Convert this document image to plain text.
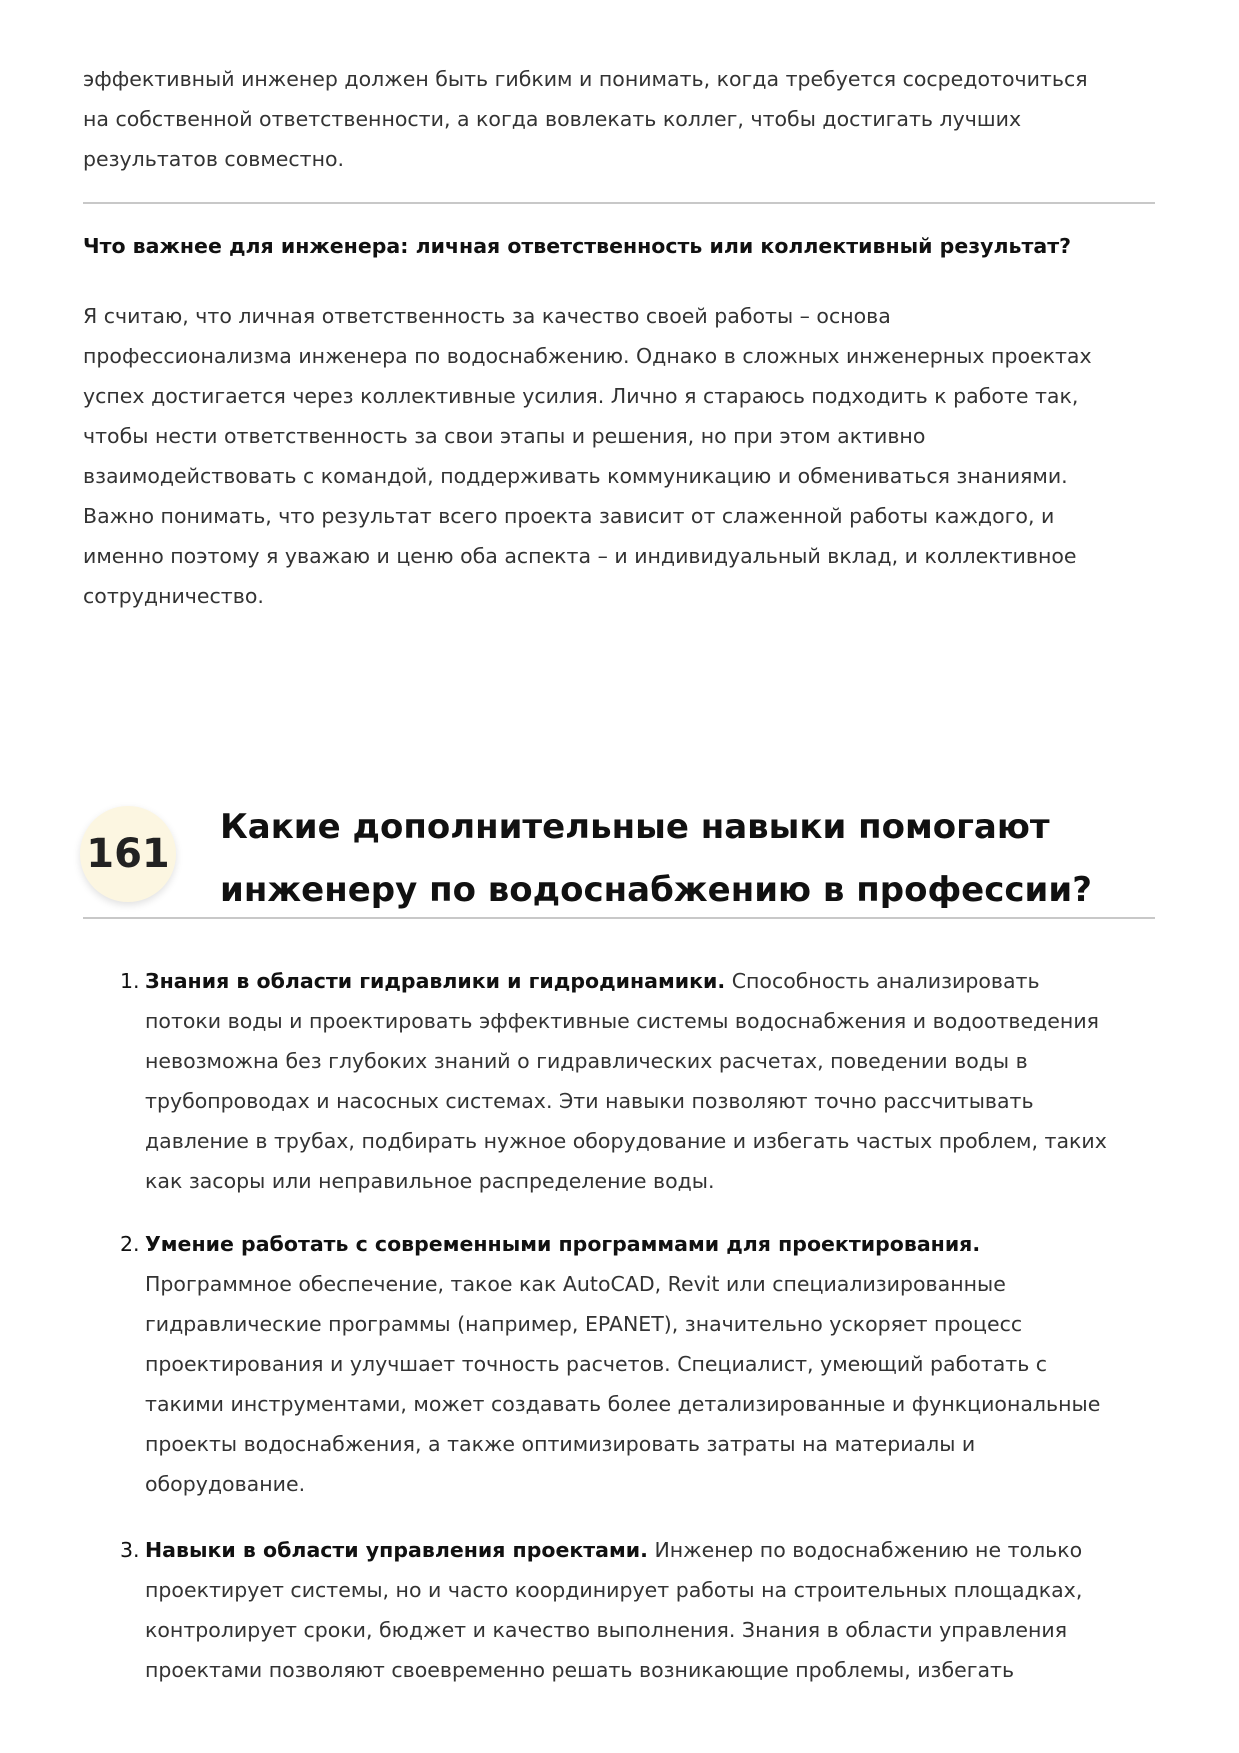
эффективный инженер должен быть гибким и понимать, когда требуется сосредоточиться
на собственной ответственности, а когда вовлекать коллег, чтобы достигать лучших
результатов совместно.
Что важнее для инженера: личная ответственность или коллективный результат?
Я считаю, что личная ответственность за качество своей работы – основа
профессионализма инженера по водоснабжению. Однако в сложных инженерных проектах
успех достигается через коллективные усилия. Лично я стараюсь подходить к работе так,
чтобы нести ответственность за свои этапы и решения, но при этом активно
взаимодействовать с командой, поддерживать коммуникацию и обмениваться знаниями.
Важно понимать, что результат всего проекта зависит от слаженной работы каждого, и
именно поэтому я уважаю и ценю оба аспекта – и индивидуальный вклад, и коллективное
сотрудничество.
161
Какие дополнительные навыки помогают
инженеру по водоснабжению в профессии?
1. Знания в области гидравлики и гидродинамики. Способность анализировать
потоки воды и проектировать эффективные системы водоснабжения и водоотведения
невозможна без глубоких знаний о гидравлических расчетах, поведении воды в
трубопроводах и насосных системах. Эти навыки позволяют точно рассчитывать
давление в трубах, подбирать нужное оборудование и избегать частых проблем, таких
как засоры или неправильное распределение воды.
2. Умение работать с современными программами для проектирования.
Программное обеспечение, такое как AutoCAD, Revit или специализированные
гидравлические программы (например, EPANET), значительно ускоряет процесс
проектирования и улучшает точность расчетов. Специалист, умеющий работать с
такими инструментами, может создавать более детализированные и функциональные
проекты водоснабжения, а также оптимизировать затраты на материалы и
оборудование.
3. Навыки в области управления проектами. Инженер по водоснабжению не только
проектирует системы, но и часто координирует работы на строительных площадках,
контролирует сроки, бюджет и качество выполнения. Знания в области управления
проектами позволяют своевременно решать возникающие проблемы, избегать
